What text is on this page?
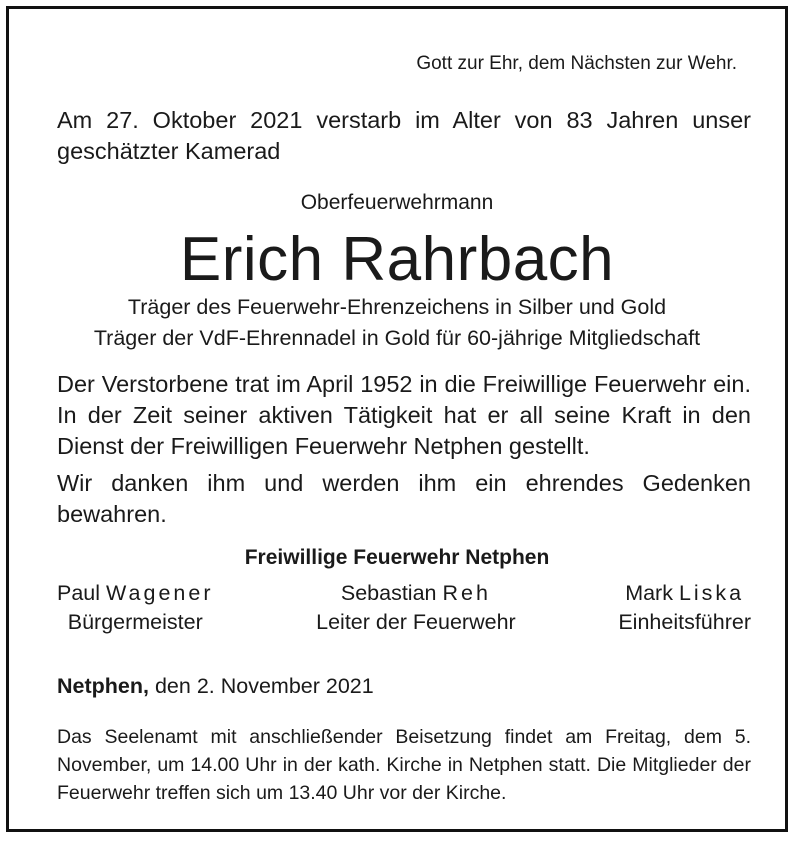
Gott zur Ehr, dem Nächsten zur Wehr.
Am 27. Oktober 2021 verstarb im Alter von 83 Jahren unser geschätzter Kamerad
Oberfeuerwehrmann
Erich Rahrbach
Träger des Feuerwehr-Ehrenzeichens in Silber und Gold
Träger der VdF-Ehrennadel in Gold für 60-jährige Mitgliedschaft
Der Verstorbene trat im April 1952 in die Freiwillige Feuerwehr ein. In der Zeit seiner aktiven Tätigkeit hat er all seine Kraft in den Dienst der Freiwilligen Feuerwehr Netphen gestellt.
Wir danken ihm und werden ihm ein ehrendes Gedenken bewahren.
Freiwillige Feuerwehr Netphen
Paul Wagener
Bürgermeister
Sebastian Reh
Leiter der Feuerwehr
Mark Liska
Einheitsführer
Netphen, den 2. November 2021
Das Seelenamt mit anschließender Beisetzung findet am Freitag, dem 5. November, um 14.00 Uhr in der kath. Kirche in Netphen statt. Die Mitglieder der Feuerwehr treffen sich um 13.40 Uhr vor der Kirche.
